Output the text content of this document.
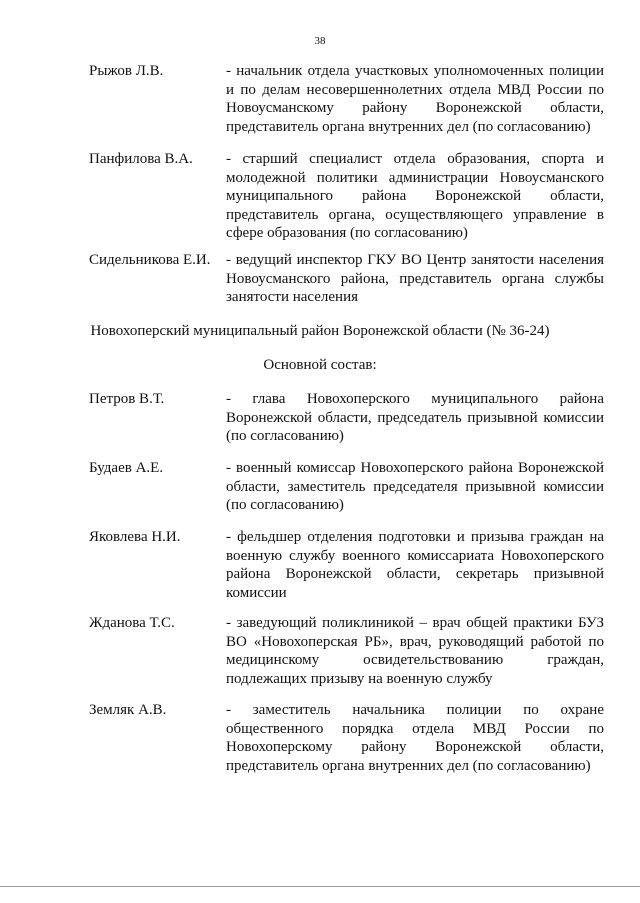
38
Рыжов Л.В.	- начальник отдела участковых уполномоченных полиции и по делам несовершеннолетних отдела МВД России по Новоусманскому району Воронежской области, представитель органа внутренних дел (по согласованию)
Панфилова В.А. - старший специалист отдела образования, спорта и молодежной политики администрации Новоусманского муниципального района Воронежской области, представитель органа, осуществляющего управление в сфере образования (по согласованию)
Сидельникова Е.И. - ведущий инспектор ГКУ ВО Центр занятости населения Новоусманского района, представитель органа службы занятости населения
Новохоперский муниципальный район Воронежской области (№ 36-24)
Основной состав:
Петров В.Т.	- глава Новохоперского муниципального района Воронежской области, председатель призывной комиссии (по согласованию)
Будаев А.Е.	- военный комиссар Новохоперского района Воронежской области, заместитель председателя призывной комиссии (по согласованию)
Яковлева Н.И.	- фельдшер отделения подготовки и призыва граждан на военную службу военного комиссариата Новохоперского района Воронежской области, секретарь призывной комиссии
Жданова Т.С.	- заведующий поликлиникой – врач общей практики БУЗ ВО «Новохоперская РБ», врач, руководящий работой по медицинскому освидетельствованию граждан, подлежащих призыву на военную службу
Земляк А.В.	- заместитель начальника полиции по охране общественного порядка отдела МВД России по Новохоперскому району Воронежской области, представитель органа внутренних дел (по согласованию)
